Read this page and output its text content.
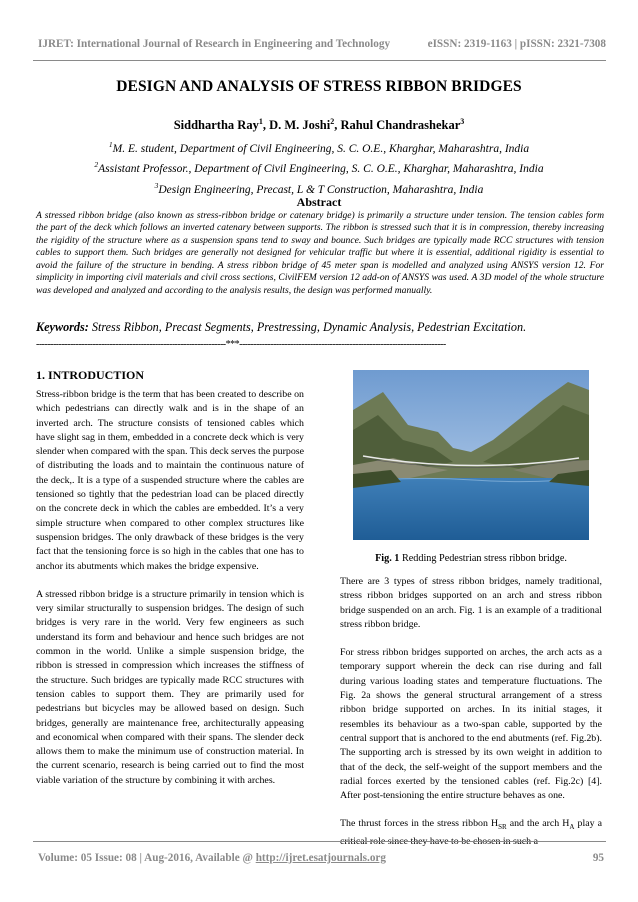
IJRET: International Journal of Research in Engineering and Technology	eISSN: 2319-1163 | pISSN: 2321-7308
DESIGN AND ANALYSIS OF STRESS RIBBON BRIDGES
Siddhartha Ray$^1$, D. M. Joshi$^2$, Rahul Chandrashekar$^3$
$^1$M. E. student, Department of Civil Engineering, S. C. O.E., Kharghar, Maharashtra, India
$^2$Assistant Professor., Department of Civil Engineering, S. C. O.E., Kharghar, Maharashtra, India
$^3$Design Engineering, Precast, L & T Construction, Maharashtra, India
Abstract
A stressed ribbon bridge (also known as stress-ribbon bridge or catenary bridge) is primarily a structure under tension. The tension cables form the part of the deck which follows an inverted catenary between supports. The ribbon is stressed such that it is in compression, thereby increasing the rigidity of the structure where as a suspension spans tend to sway and bounce. Such bridges are typically made RCC structures with tension cables to support them. Such bridges are generally not designed for vehicular traffic but where it is essential, additional rigidity is essential to avoid the failure of the structure in bending. A stress ribbon bridge of 45 meter span is modelled and analyzed using ANSYS version 12. For simplicity in importing civil materials and civil cross sections, CivilFEM version 12 add-on of ANSYS was used. A 3D model of the whole structure was developed and analyzed and according to the analysis results, the design was performed manually.
Keywords: Stress Ribbon, Precast Segments, Prestressing, Dynamic Analysis, Pedestrian Excitation.
-------------------------------------------------------------------***-------------------------------------------------------------------------

1. INTRODUCTION

Stress-ribbon bridge is the term that has been created to describe on which pedestrians can directly walk and is in the shape of an inverted arch. The structure consists of tensioned cables which have slight sag in them, embedded in a concrete deck which is very slender when compared with the span. This deck serves the purpose of distributing the loads and to maintain the continuous nature of the deck,. It is a type of a suspended structure where the cables are tensioned so tightly that the pedestrian load can be placed directly on the concrete deck in which the cables are embedded. It’s a very simple structure when compared to other complex structures like suspension bridges. The only drawback of these bridges is the very fact that the tensioning force is so high in the cables that one has to anchor its abutments which makes the bridge expensive.

A stressed ribbon bridge is a structure primarily in tension which is very similar structurally to suspension bridges. The design of such bridges is very rare in the world. Very few engineers as such understand its form and behaviour and hence such bridges are not common in the world. Unlike a simple suspension bridge, the ribbon is stressed in compression which increases the stiffness of the structure. Such bridges are typically made RCC structures with tension cables to support them. They are primarily used for pedestrians but bicycles may be allowed based on design. Such bridges, generally are maintenance free, architecturally appeasing and economical when compared with their spans. The slender deck allows them to make the minimum use of construction material. In the current scenario, research is being carried out to find the most viable variation of the structure by combining it with arches.

Fig. 1 Redding Pedestrian stress ribbon bridge.

There are 3 types of stress ribbon bridges, namely traditional, stress ribbon bridges supported on an arch and stress ribbon bridge suspended on an arch. Fig. 1 is an example of a traditional stress ribbon bridge.

For stress ribbon bridges supported on arches, the arch acts as a temporary support wherein the deck can rise during and fall during various loading states and temperature fluctuations. The Fig. 2a shows the general structural arrangement of a stress ribbon bridge supported on arches. In its initial stages, it resembles its behaviour as a two-span cable, supported by the central support that is anchored to the end abutments (ref. Fig.2b). The supporting arch is stressed by its own weight in addition to that of the deck, the self-weight of the support members and the radial forces exerted by the tensioned cables (ref. Fig.2c) [4]. After post-tensioning the entire structure behaves as one.

The thrust forces in the stress ribbon $H_{SR}$ and the arch $H_A$ play a critical role since they have to be chosen in such a

Volume: 05 Issue: 08 | Aug-2016, Available @ http://ijret.esatjournals.org	95
